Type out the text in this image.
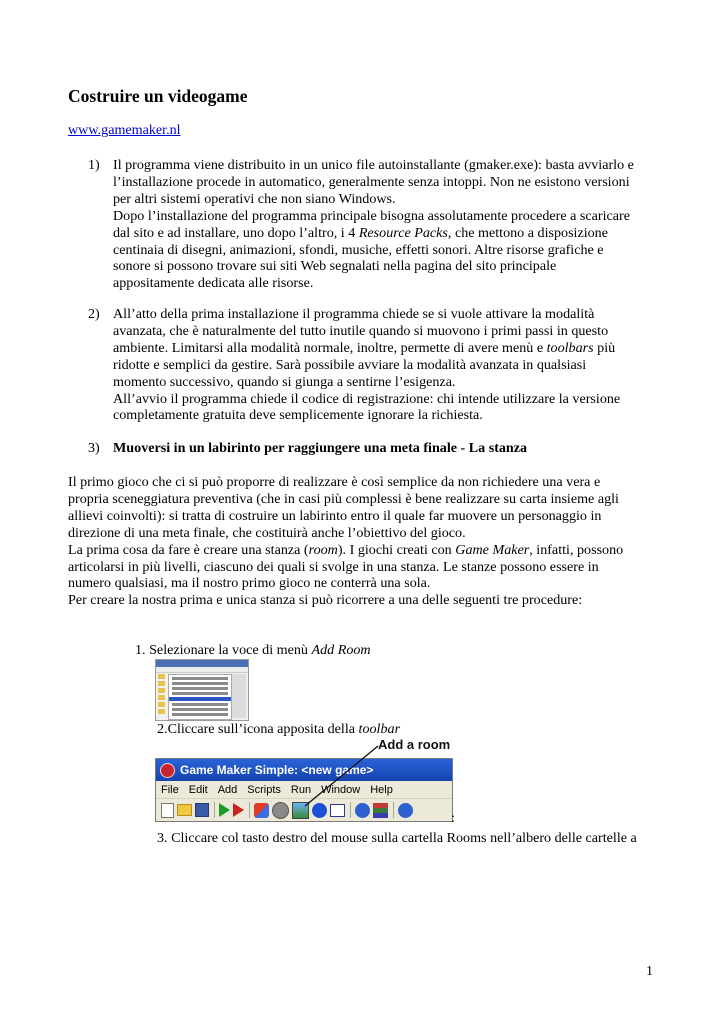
Costruire un videogame
www.gamemaker.nl
1) Il programma viene distribuito in un unico file autoinstallante (gmaker.exe): basta avviarlo e
l’installazione procede in automatico, generalmente senza intoppi. Non ne esistono versioni
per altri sistemi operativi che non siano Windows.
Dopo l’installazione del programma principale bisogna assolutamente procedere a scaricare
dal sito e ad installare, uno dopo l’altro, i 4 Resource Packs, che mettono a disposizione
centinaia di disegni, animazioni, sfondi, musiche, effetti sonori. Altre risorse grafiche e
sonore si possono trovare sui siti Web segnalati nella pagina del sito principale
appositamente dedicata alle risorse.
2) All’atto della prima installazione il programma chiede se si vuole attivare la modalità
avanzata, che è naturalmente del tutto inutile quando si muovono i primi passi in questo
ambiente. Limitarsi alla modalità normale, inoltre, permette di avere menù e toolbars più
ridotte e semplici da gestire. Sarà possibile avviare la modalità avanzata in qualsiasi
momento successivo, quando si giunga a sentirne l’esigenza.
All’avvio il programma chiede il codice di registrazione: chi intende utilizzare la versione
completamente gratuita deve semplicemente ignorare la richiesta.
3) Muoversi in un labirinto per raggiungere una meta finale - La stanza
Il primo gioco che ci si può proporre di realizzare è così semplice da non richiedere una vera e
propria sceneggiatura preventiva (che in casi più complessi è bene realizzare su carta insieme agli
allievi coinvolti): si tratta di costruire un labirinto entro il quale far muovere un personaggio in
direzione di una meta finale, che costituirà anche l’obiettivo del gioco.
La prima cosa da fare è creare una stanza (room). I giochi creati con Game Maker, infatti, possono
articolarsi in più livelli, ciascuno dei quali si svolge in una stanza. Le stanze possono essere in
numero qualsiasi, ma il nostro primo gioco ne conterrà una sola.
Per creare la nostra prima e unica stanza si può ricorrere a una delle seguenti tre procedure:
1. Selezionare la voce di menù Add Room
2.Cliccare sull’icona apposita della toolbar
Add a room
Game Maker Simple: <new game>
File Edit Add Scripts Run Window Help
:
3. Cliccare col tasto destro del mouse sulla cartella Rooms nell’albero delle cartelle a
1
